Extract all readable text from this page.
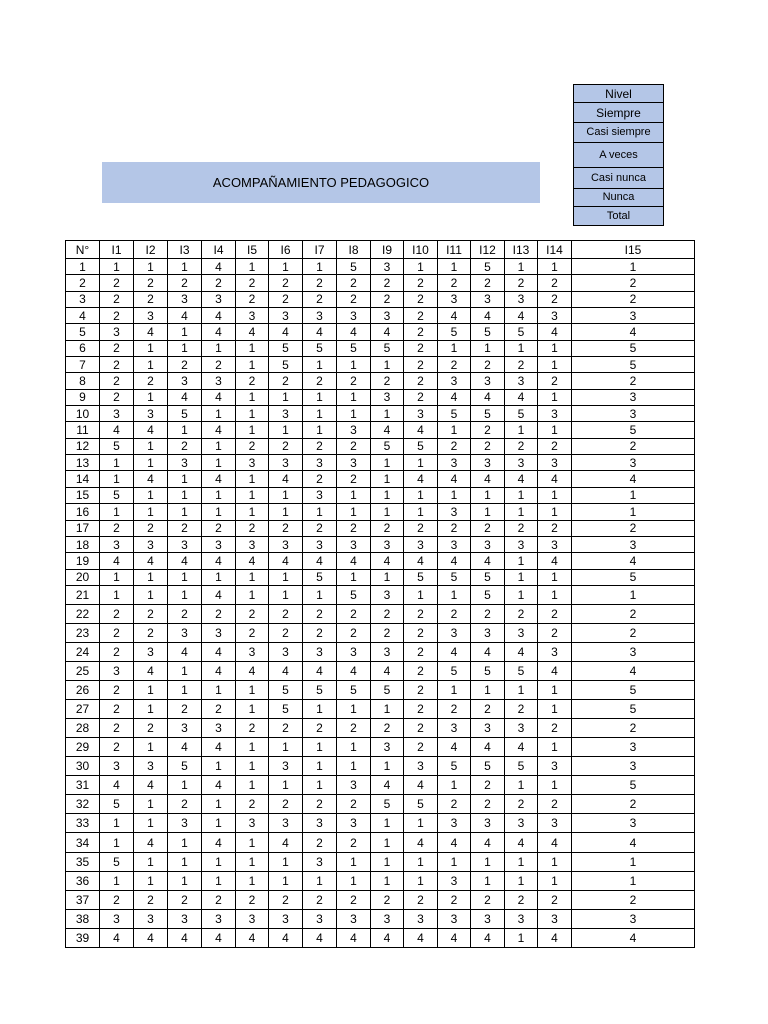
Nivel
Siempre
Casi siempre
A veces
Casi nunca
Nunca
Total
ACOMPAÑAMIENTO PEDAGOGICO
N°	I1	I2	I3	I4	I5	I6	I7	I8	I9	I10	I11	I12	I13	I14	I15
1	1	1	1	4	1	1	1	5	3	1	1	5	1	1	1
2	2	2	2	2	2	2	2	2	2	2	2	2	2	2	2
3	2	2	3	3	2	2	2	2	2	2	3	3	3	2	2
4	2	3	4	4	3	3	3	3	3	2	4	4	4	3	3
5	3	4	1	4	4	4	4	4	4	2	5	5	5	4	4
6	2	1	1	1	1	5	5	5	5	2	1	1	1	1	5
7	2	1	2	2	1	5	1	1	1	2	2	2	2	1	5
8	2	2	3	3	2	2	2	2	2	2	3	3	3	2	2
9	2	1	4	4	1	1	1	1	3	2	4	4	4	1	3
10	3	3	5	1	1	3	1	1	1	3	5	5	5	3	3
11	4	4	1	4	1	1	1	3	4	4	1	2	1	1	5
12	5	1	2	1	2	2	2	2	5	5	2	2	2	2	2
13	1	1	3	1	3	3	3	3	1	1	3	3	3	3	3
14	1	4	1	4	1	4	2	2	1	4	4	4	4	4	4
15	5	1	1	1	1	1	3	1	1	1	1	1	1	1	1
16	1	1	1	1	1	1	1	1	1	1	3	1	1	1	1
17	2	2	2	2	2	2	2	2	2	2	2	2	2	2	2
18	3	3	3	3	3	3	3	3	3	3	3	3	3	3	3
19	4	4	4	4	4	4	4	4	4	4	4	4	1	4	4
20	1	1	1	1	1	1	5	1	1	5	5	5	1	1	5
21	1	1	1	4	1	1	1	5	3	1	1	5	1	1	1
22	2	2	2	2	2	2	2	2	2	2	2	2	2	2	2
23	2	2	3	3	2	2	2	2	2	2	3	3	3	2	2
24	2	3	4	4	3	3	3	3	3	2	4	4	4	3	3
25	3	4	1	4	4	4	4	4	4	2	5	5	5	4	4
26	2	1	1	1	1	5	5	5	5	2	1	1	1	1	5
27	2	1	2	2	1	5	1	1	1	2	2	2	2	1	5
28	2	2	3	3	2	2	2	2	2	2	3	3	3	2	2
29	2	1	4	4	1	1	1	1	3	2	4	4	4	1	3
30	3	3	5	1	1	3	1	1	1	3	5	5	5	3	3
31	4	4	1	4	1	1	1	3	4	4	1	2	1	1	5
32	5	1	2	1	2	2	2	2	5	5	2	2	2	2	2
33	1	1	3	1	3	3	3	3	1	1	3	3	3	3	3
34	1	4	1	4	1	4	2	2	1	4	4	4	4	4	4
35	5	1	1	1	1	1	3	1	1	1	1	1	1	1	1
36	1	1	1	1	1	1	1	1	1	1	3	1	1	1	1
37	2	2	2	2	2	2	2	2	2	2	2	2	2	2	2
38	3	3	3	3	3	3	3	3	3	3	3	3	3	3	3
39	4	4	4	4	4	4	4	4	4	4	4	4	1	4	4
